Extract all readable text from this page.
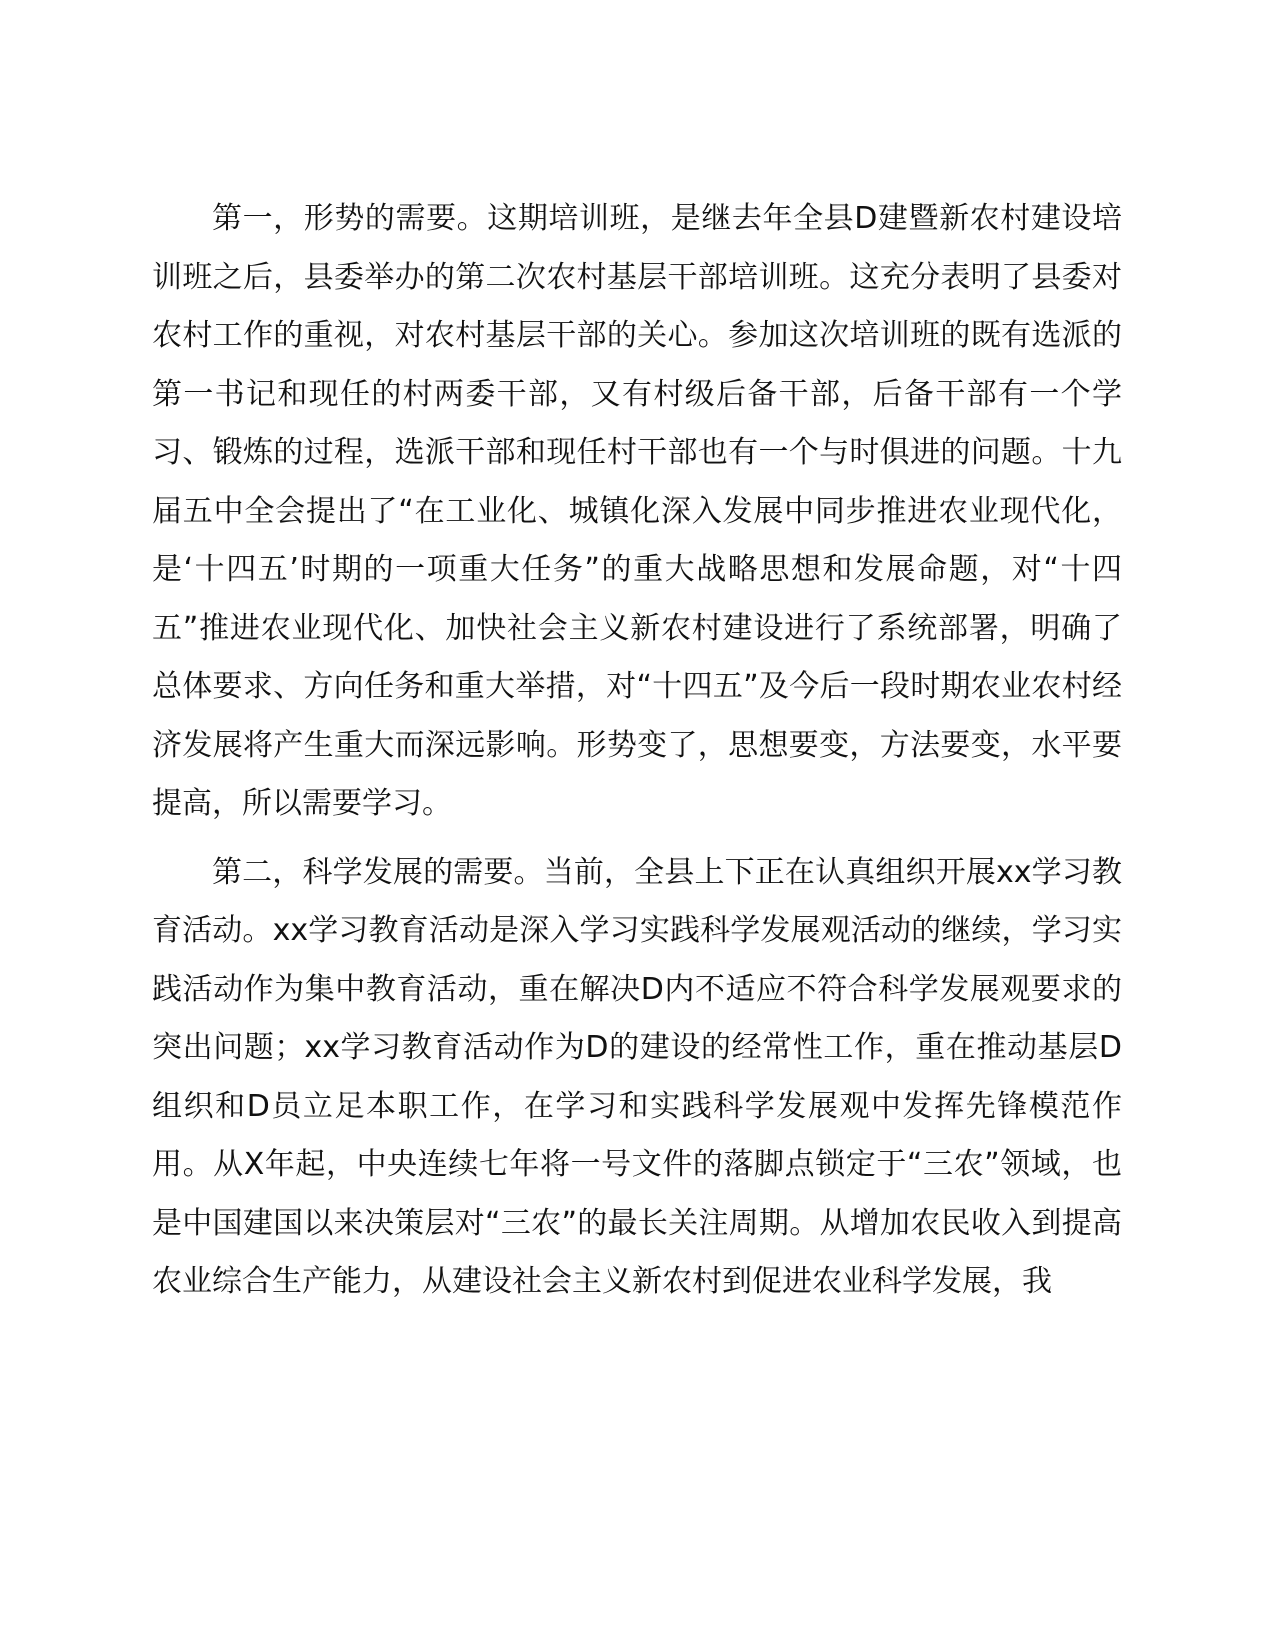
第一，形势的需要。这期培训班，是继去年全县D建暨新农村建设培训班之后，县委举办的第二次农村基层干部培训班。这充分表明了县委对农村工作的重视，对农村基层干部的关心。参加这次培训班的既有选派的第一书记和现任的村两委干部，又有村级后备干部，后备干部有一个学习、锻炼的过程，选派干部和现任村干部也有一个与时俱进的问题。十九届五中全会提出了“在工业化、城镇化深入发展中同步推进农业现代化，是‘十四五’时期的一项重大任务”的重大战略思想和发展命题，对“十四五”推进农业现代化、加快社会主义新农村建设进行了系统部署，明确了总体要求、方向任务和重大举措，对“十四五”及今后一段时期农业农村经济发展将产生重大而深远影响。形势变了，思想要变，方法要变，水平要提高，所以需要学习。

第二，科学发展的需要。当前，全县上下正在认真组织开展xx学习教育活动。xx学习教育活动是深入学习实践科学发展观活动的继续，学习实践活动作为集中教育活动，重在解决D内不适应不符合科学发展观要求的突出问题；xx学习教育活动作为D的建设的经常性工作，重在推动基层D组织和D员立足本职工作，在学习和实践科学发展观中发挥先锋模范作用。从X年起，中央连续七年将一号文件的落脚点锁定于“三农”领域，也是中国建国以来决策层对“三农”的最长关注周期。从增加农民收入到提高农业综合生产能力，从建设社会主义新农村到促进农业科学发展，我
